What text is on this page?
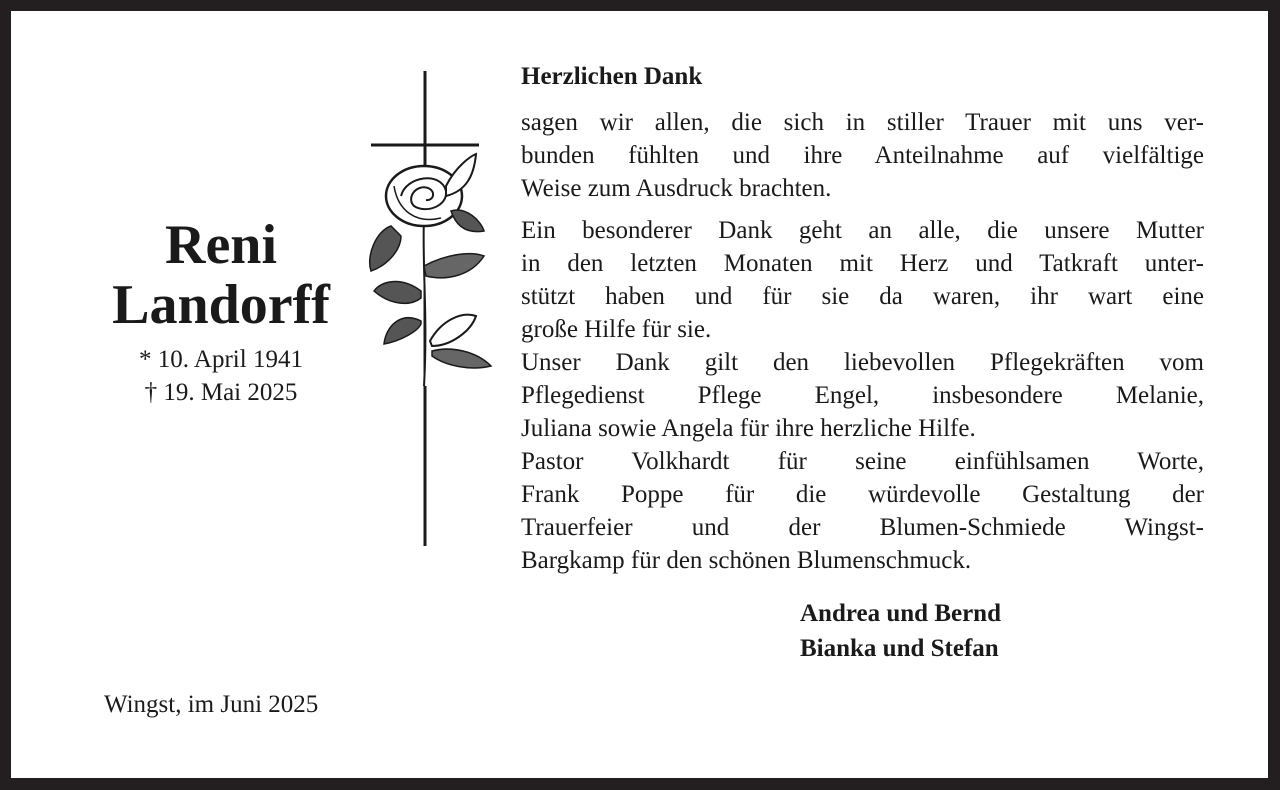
Reni
Landorff
* 10. April 1941
† 19. Mai 2025
Herzlichen Dank
sagen wir allen, die sich in stiller Trauer mit uns ver-
bunden fühlten und ihre Anteilnahme auf vielfältige
Weise zum Ausdruck brachten.
Ein besonderer Dank geht an alle, die unsere Mutter
in den letzten Monaten mit Herz und Tatkraft unter-
stützt haben und für sie da waren, ihr wart eine
große Hilfe für sie.
Unser Dank gilt den liebevollen Pflegekräften vom
Pflegedienst Pflege Engel, insbesondere Melanie,
Juliana sowie Angela für ihre herzliche Hilfe.
Pastor Volkhardt für seine einfühlsamen Worte,
Frank Poppe für die würdevolle Gestaltung der
Trauerfeier und der Blumen-Schmiede Wingst-
Bargkamp für den schönen Blumenschmuck.
Andrea und Bernd
Bianka und Stefan
Wingst, im Juni 2025
